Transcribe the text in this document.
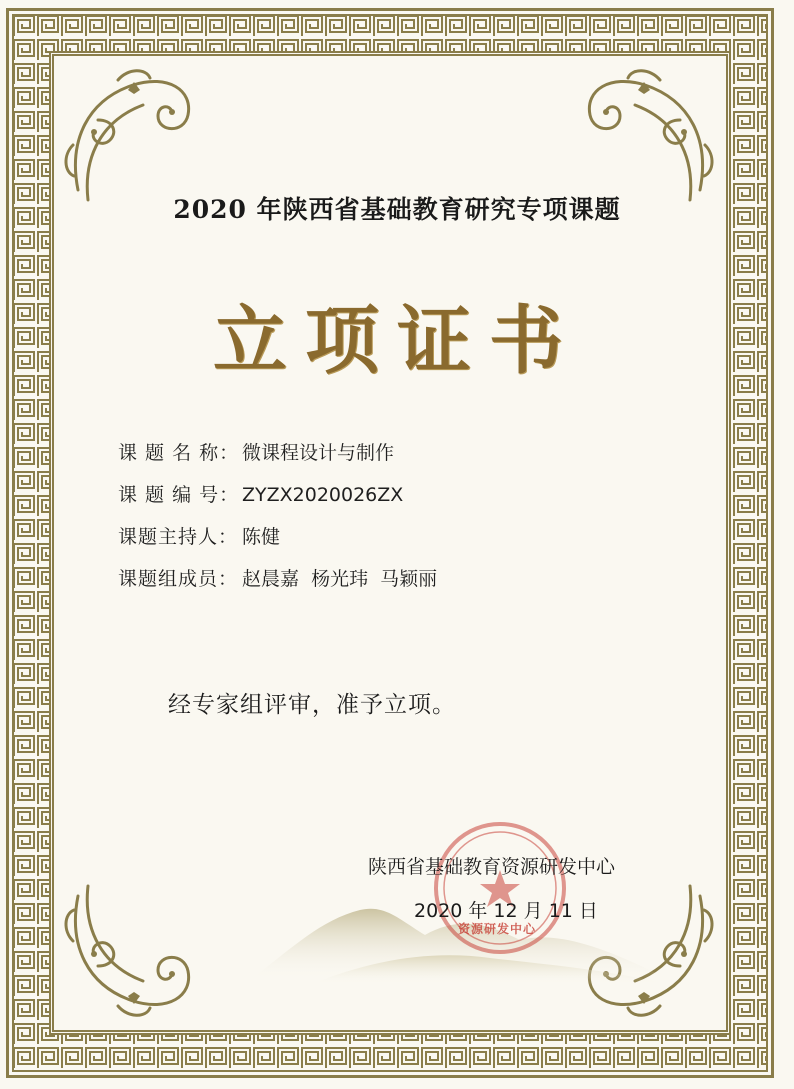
2020 年陕西省基础教育研究专项课题
立项证书
课 题 名 称： 微课程设计与制作
课 题 编 号： ZYZX2020026ZX
课题主持人： 陈健
课题组成员： 赵晨嘉  杨光玮  马颖丽
经专家组评审，准予立项。
资源研发中心
陕西省基础教育资源研发中心
2020 年 12 月 11 日
